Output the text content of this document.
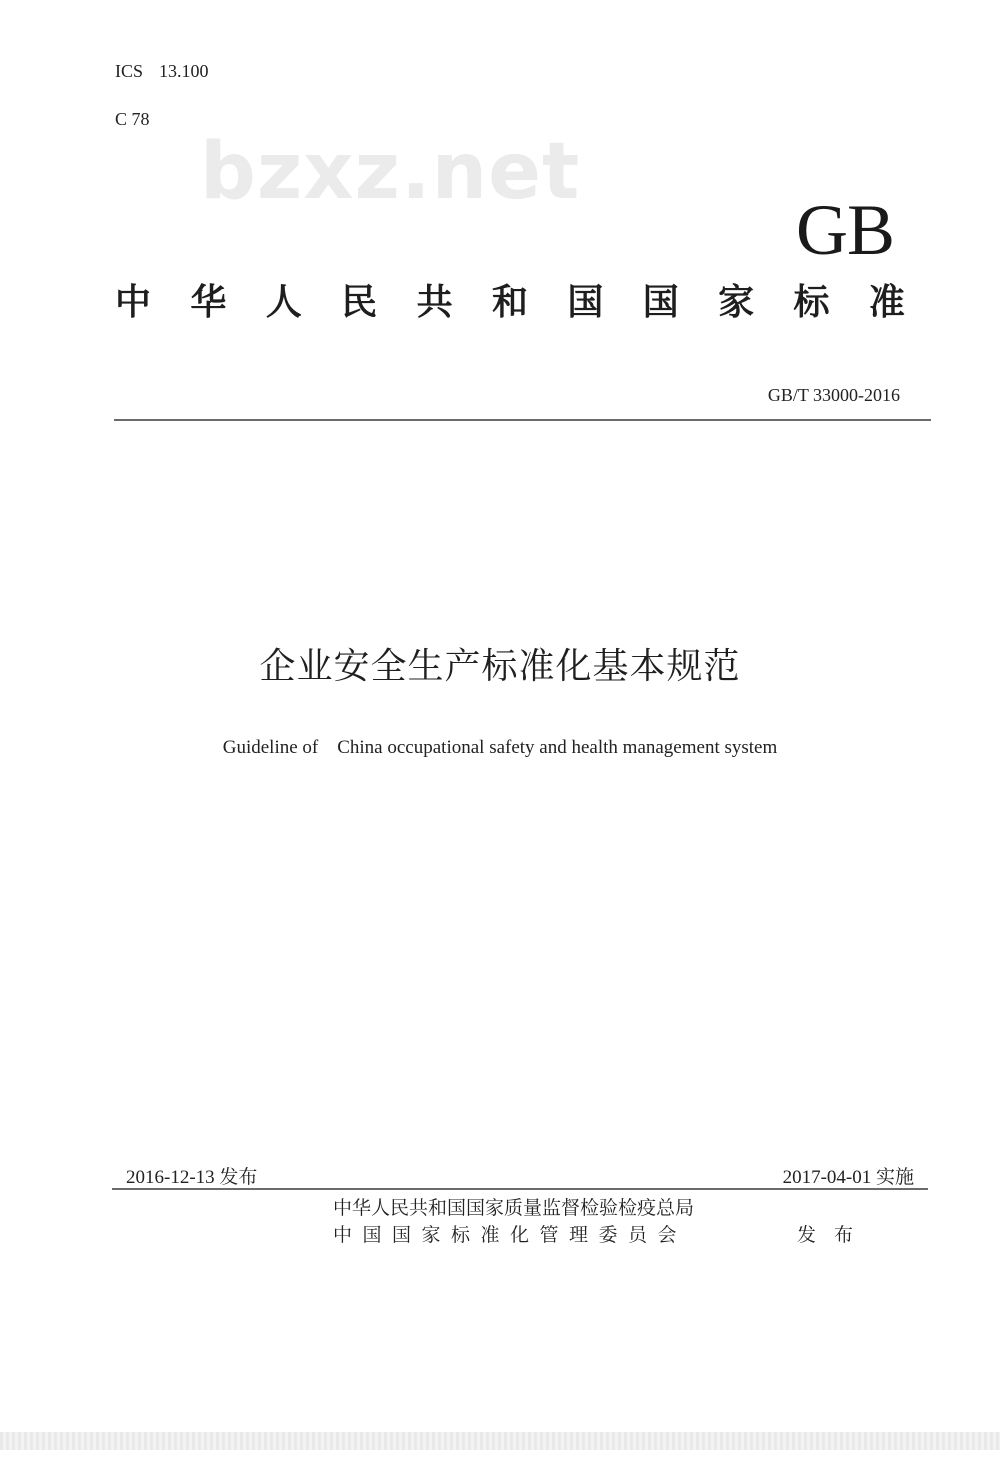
ICS 13.100
C 78
bzxz.net
GB
中 华 人 民 共 和 国 国 家 标 准
GB/T 33000-2016
企业安全生产标准化基本规范
Guideline of　China occupational safety and health management system
2016-12-13 发布	2017-04-01 实施
中华人民共和国国家质量监督检验检疫总局
中国国家标准化管理委员会	发布
